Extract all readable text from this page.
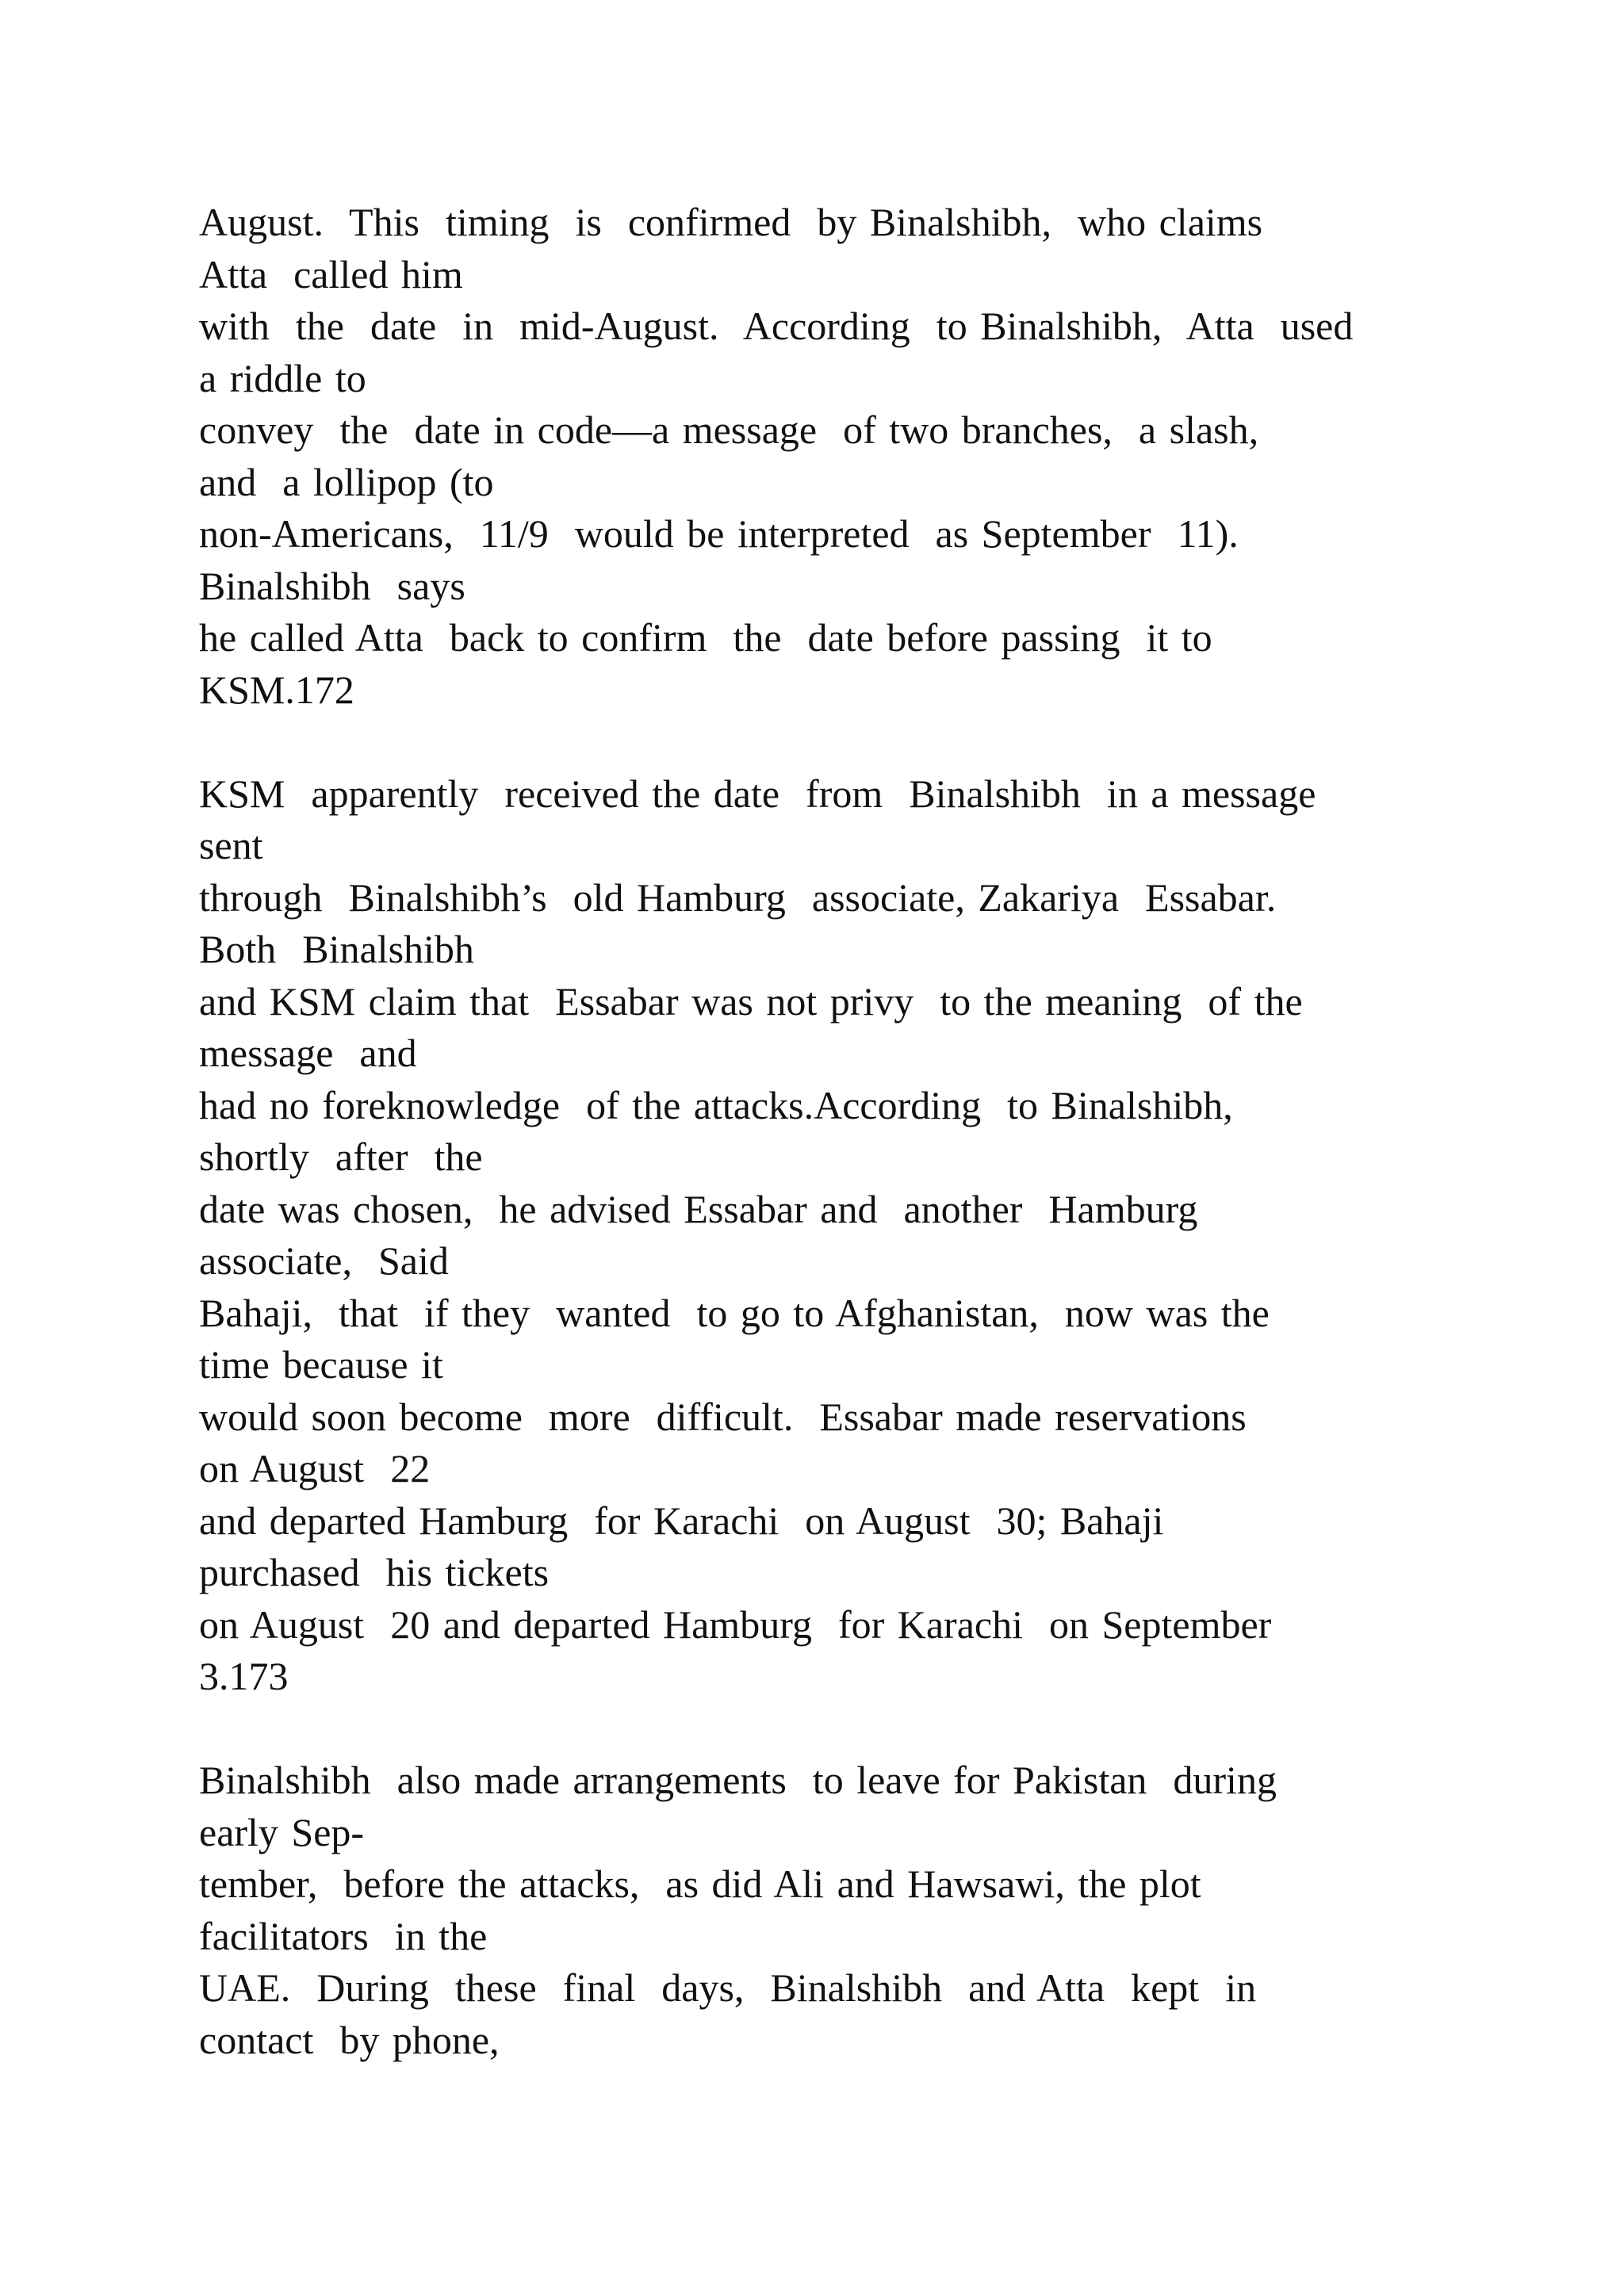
August.  This  timing  is  confirmed  by Binalshibh,  who claims
Atta  called him
with  the  date  in  mid-August.  According  to Binalshibh,  Atta  used
a riddle to
convey  the  date in code—a message  of two branches,  a slash,
and  a lollipop (to
non-Americans,  11/9  would be interpreted  as September  11).
Binalshibh  says
he called Atta  back to confirm  the  date before passing  it to
KSM.172
KSM  apparently  received the date  from  Binalshibh  in a message
sent
through  Binalshibh’s  old Hamburg  associate, Zakariya  Essabar.
Both  Binalshibh
and KSM claim that  Essabar was not privy  to the meaning  of the
message  and
had no foreknowledge  of the attacks.According  to Binalshibh,
shortly  after  the
date was chosen,  he advised Essabar and  another  Hamburg
associate,  Said
Bahaji,  that  if they  wanted  to go to Afghanistan,  now was the
time because it
would soon become  more  difficult.  Essabar made reservations
on August  22
and departed Hamburg  for Karachi  on August  30; Bahaji
purchased  his tickets
on August  20 and departed Hamburg  for Karachi  on September
3.173
Binalshibh  also made arrangements  to leave for Pakistan  during
early Sep-
tember,  before the attacks,  as did Ali and Hawsawi, the plot
facilitators  in the
UAE.  During  these  final  days,  Binalshibh  and Atta  kept  in
contact  by phone,
